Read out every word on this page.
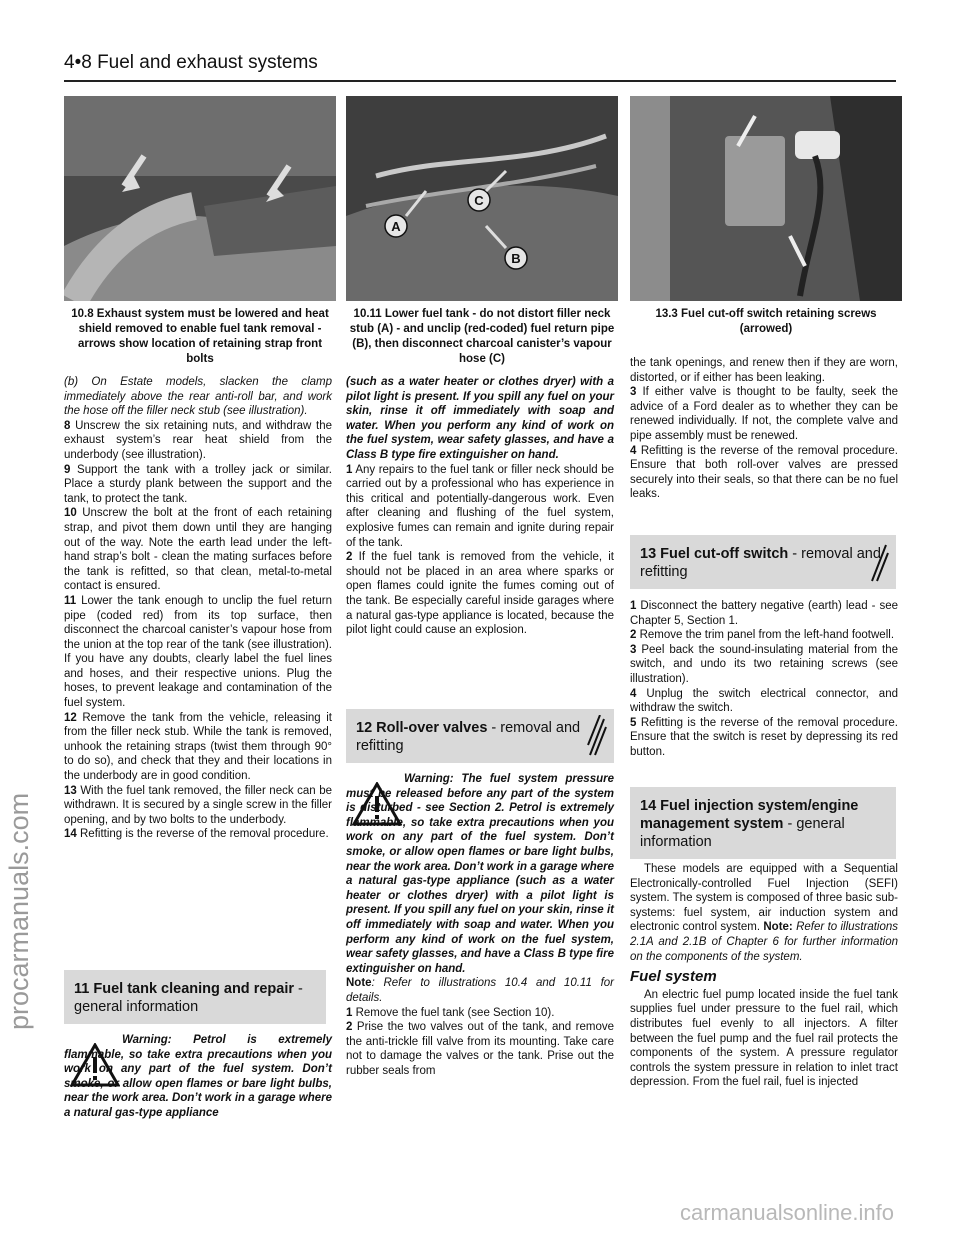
procarmanuals.com
4•8 Fuel and exhaust systems
10.8 Exhaust system must be lowered and heat shield removed to enable fuel tank removal - arrows show location of retaining strap front bolts
A
B
C
10.11 Lower fuel tank - do not distort filler neck stub (A) - and unclip (red-coded) fuel return pipe (B), then disconnect charcoal canister’s vapour hose (C)
13.3 Fuel cut-off switch retaining screws (arrowed)

(b) On Estate models, slacken the clamp immediately above the rear anti-roll bar, and work the hose off the filler neck stub (see illustration).

8 Unscrew the six retaining nuts, and withdraw the exhaust system’s rear heat shield from the underbody (see illustration).

9 Support the tank with a trolley jack or similar. Place a sturdy plank between the support and the tank, to protect the tank.

10 Unscrew the bolt at the front of each retaining strap, and pivot them down until they are hanging out of the way. Note the earth lead under the left-hand strap’s bolt - clean the mating surfaces before the tank is refitted, so that clean, metal-to-metal contact is ensured.

11 Lower the tank enough to unclip the fuel return pipe (coded red) from its top surface, then disconnect the charcoal canister’s vapour hose from the union at the top rear of the tank (see illustration). If you have any doubts, clearly label the fuel lines and hoses, and their respective unions. Plug the hoses, to prevent leakage and contamination of the fuel system.

12 Remove the tank from the vehicle, releasing it from the filler neck stub. While the tank is removed, unhook the retaining straps (twist them through 90° to do so), and check that they and their locations in the underbody are in good condition.

13 With the fuel tank removed, the filler neck can be withdrawn. It is secured by a single screw in the filler opening, and by two bolts to the underbody.

14 Refitting is the reverse of the removal procedure.

11 Fuel tank cleaning and repair - general information
Warning: Petrol is extremely flammable, so take extra precautions when you work on any part of the fuel system. Don’t smoke, or allow open flames or bare light bulbs, near the work area. Don’t work in a garage where a natural gas-type appliance

(such as a water heater or clothes dryer) with a pilot light is present. If you spill any fuel on your skin, rinse it off immediately with soap and water. When you perform any kind of work on the fuel system, wear safety glasses, and have a Class B type fire extinguisher on hand.

1 Any repairs to the fuel tank or filler neck should be carried out by a professional who has experience in this critical and potentially-dangerous work. Even after cleaning and flushing of the fuel system, explosive fumes can remain and ignite during repair of the tank.

2 If the fuel tank is removed from the vehicle, it should not be placed in an area where sparks or open flames could ignite the fumes coming out of the tank. Be especially careful inside garages where a natural gas-type appliance is located, because the pilot light could cause an explosion.

12 Roll-over valves - removal and refitting

Warning: The fuel system pressure must be released before any part of the system is disturbed - see Section 2. Petrol is extremely flammable, so take extra precautions when you work on any part of the fuel system. Don’t smoke, or allow open flames or bare light bulbs, near the work area. Don’t work in a garage where a natural gas-type appliance (such as a water heater or clothes dryer) with a pilot light is present. If you spill any fuel on your skin, rinse it off immediately with soap and water. When you perform any kind of work on the fuel system, wear safety glasses, and have a Class B type fire extinguisher on hand.

Note: Refer to illustrations 10.4 and 10.11 for details.

1 Remove the fuel tank (see Section 10).

2 Prise the two valves out of the tank, and remove the anti-trickle fill valve from its mounting. Take care not to damage the valves or the tank. Prise out the rubber seals from

the tank openings, and renew then if they are worn, distorted, or if either has been leaking.

3 If either valve is thought to be faulty, seek the advice of a Ford dealer as to whether they can be renewed individually. If not, the complete valve and pipe assembly must be renewed.

4 Refitting is the reverse of the removal procedure. Ensure that both roll-over valves are pressed securely into their seals, so that there can be no fuel leaks.

13 Fuel cut-off switch - removal and refitting

1 Disconnect the battery negative (earth) lead - see Chapter 5, Section 1.

2 Remove the trim panel from the left-hand footwell.

3 Peel back the sound-insulating material from the switch, and undo its two retaining screws (see illustration).

4 Unplug the switch electrical connector, and withdraw the switch.

5 Refitting is the reverse of the removal procedure. Ensure that the switch is reset by depressing its red button.

14 Fuel injection system/engine management system - general information

These models are equipped with a Sequential Electronically-controlled Fuel Injection (SEFI) system. The system is composed of three basic sub-systems: fuel system, air induction system and electronic control system. Note: Refer to illustrations 2.1A and 2.1B of Chapter 6 for further information on the components of the system.

Fuel system

An electric fuel pump located inside the fuel tank supplies fuel under pressure to the fuel rail, which distributes fuel evenly to all injectors. A filter between the fuel pump and the fuel rail protects the components of the system. A pressure regulator controls the system pressure in relation to inlet tract depression. From the fuel rail, fuel is injected

carmanualsonline.info
